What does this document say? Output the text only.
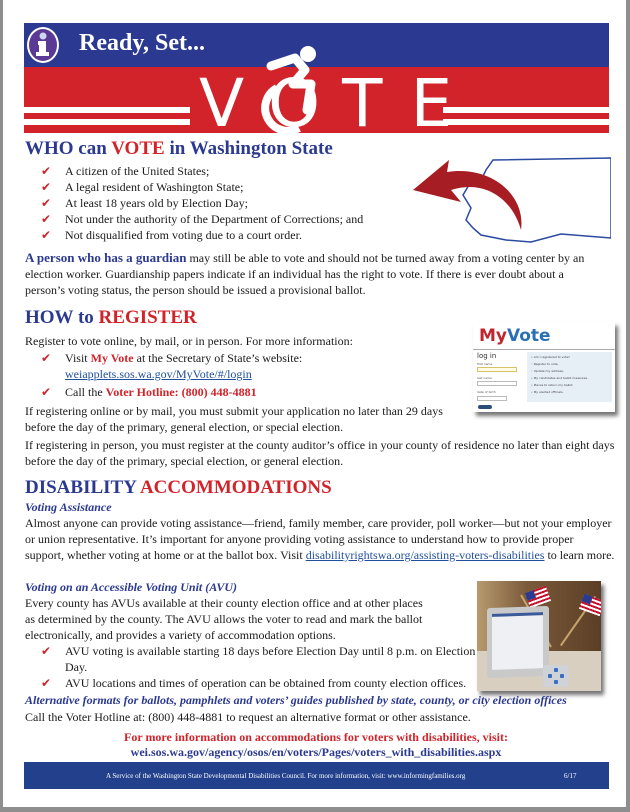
Ready, Set...
V O T E
WHO can VOTE in Washington State
✔ A citizen of the United States;
✔ A legal resident of Washington State;
✔ At least 18 years old by Election Day;
✔ Not under the authority of the Department of Corrections; and
✔ Not disqualified from voting due to a court order.
A person who has a guardian may still be able to vote and should not be turned away from a voting center by an election worker. Guardianship papers indicate if an individual has the right to vote. If there is ever doubt about a person’s voting status, the person should be issued a provisional ballot.
HOW to REGISTER
Register to vote online, by mail, or in person. For more information:
✔ Visit My Vote at the Secretary of State’s website:
weiapplets.sos.wa.gov/MyVote/#/login
✔ Call the Voter Hotline: (800) 448-4881
If registering online or by mail, you must submit your application no later than 29 days before the day of the primary, general election, or special election.
If registering in person, you must register at the county auditor’s office in your county of residence no later than eight days before the day of the primary, special election, or general election.
MyVote
log in
first name
last name
date of birth
• Am I registered to vote?
◦ Register to vote.
◦ Update my address.
• My candidates and ballot measures.
• Places to return my ballot.
• My elected officials.
DISABILITY ACCOMMODATIONS
Voting Assistance
Almost anyone can provide voting assistance—friend, family member, care provider, poll worker—but not your employer or union representative. It’s important for anyone providing voting assistance to understand how to provide proper support, whether voting at home or at the ballot box. Visit disabilityrightswa.org/assisting-voters-disabilities to learn more.
Voting on an Accessible Voting Unit (AVU)
Every county has AVUs available at their county election office and at other places as determined by the county. The AVU allows the voter to read and mark the ballot electronically, and provides a variety of accommodation options.
✔ AVU voting is available starting 18 days before Election Day until 8 p.m. on Election Day.
✔ AVU locations and times of operation can be obtained from county election offices.
Alternative formats for ballots, pamphlets and voters’ guides published by state, county, or city election offices
Call the Voter Hotline at: (800) 448-4881 to request an alternative format or other assistance.
For more information on accommodations for voters with disabilities, visit:
wei.sos.wa.gov/agency/osos/en/voters/Pages/voters_with_disabilities.aspx
A Service of the Washington State Developmental Disabilities Council. For more information, visit: www.informingfamilies.org	6/17
